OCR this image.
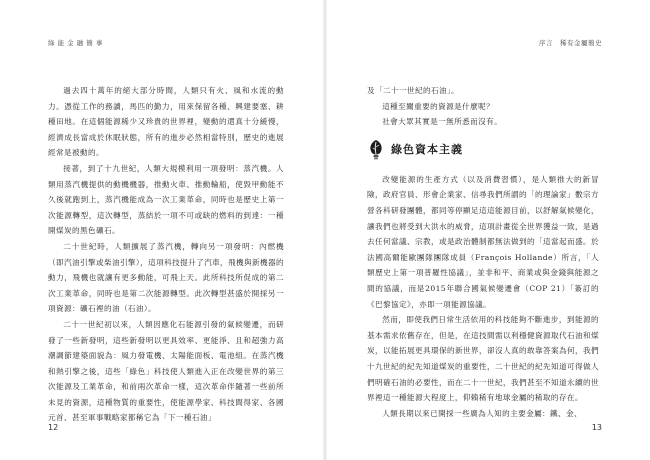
綠 能 金 融 簡 事

過去四十萬年的絕大部分時間，人類只有火、風和水流的動力。憑從工作的務讀，馬匹的勤力，用來保留各種、興建要塞、耕種田地。在這個能源稀少又珍貴的世界裡，變動的還真十分緩慢，經濟成長當成於休眠狀態，所有的進步必然相當特別，歷史的進展經常是被動的。

接著，到了十九世紀，人類大規模利用一項發明：蒸汽機。人類用蒸汽機提供的動機機器，推動火車、推動輪船，使毀甲動能不久後就跑到上，蒸汽機能成為一次工業革命，同時也是歷史上第一次能源轉型，這次轉型，蒸結於一項不可或缺的燃料的到達：一種開煤炭的黑色礦石。

二十世紀時，人類擴展了蒸汽機，轉向另一項發明：內燃機（即汽油引擎或柴油引擎），這項科技提升了汽車，飛機與新機器的動力，飛機也就讓有更多動能，可飛上天。此所科技所促成的第二次工業革命，同時也是第二次能源轉型。此次轉型甚盛於開採另一項資源：礦石裡的油（石油）。

二十一世紀初以來，人類因應化石能源引發的氣候變遷，而研發了一些新發明，這些新發明以更具效率、更能淨、且和超強力高潮調節建築面貌為：風力發電機、太陽能面板、電池組。在蒸汽機和熱引擎之後，這些「綠色」科技使人類進入正在改變世界的第三次能源及工業革命，和前兩次革命一樣，這次革命伴隨著一些前所未見的資源，這種物質的重要性，使能源學家、科技間得家、各國元首、甚至軍事戰略家都稱它為「下一種石油」

12
序言　稀有金屬簡史

及「二十一世紀的石油」。

這種至關重要的資源是什麼呢？

社會大眾其實是一無所悉而沒有。

綠色資本主義

改變能源的生產方式（以及消費習慣），是人類推大的新冒險，政府官員、形會企業家、信尋我們所謂的「的理論家」數宗方營各科研發團體，都同等停顯足這這能源目前，以舒解氣候變化，讓我們也將受到大洪水的威脅，這項計畫從全世界獲益一致，是過去任何當議、宗教，或是政治體制都無法做到的「這當起而盛。於法國高爾能歐團隊團隊成員（François Hollande）所言，「人類歷史上第一項普羅性協議」，並非和平、商業或與金錢與能源之間的協議，而是2015年聯合國氣候變遷會（COP 21）「簽訂的《巴黎協定》，亦即一項能源協議。

然而，即使我們日常生活依用的科技能夠不斷進步，到能源的基本需求依舊存在，但是，在這技間需以利穩健資源取代石油和煤炭，以能拓展更具環保的新世界，卻沒人真的敢靠答案為何，我們十九世紀的紀先知道煤炭的重要性，二十世紀的紀先知道可得做人們明確石油的必要性，而在二十一世紀，我們甚至不知道永續的世界裡這一種能源大程度上，仰賴稀有地球金屬的稀取的存在。

人類長期以來已開採一些廣為人知的主要金屬：鐵、金、

13
